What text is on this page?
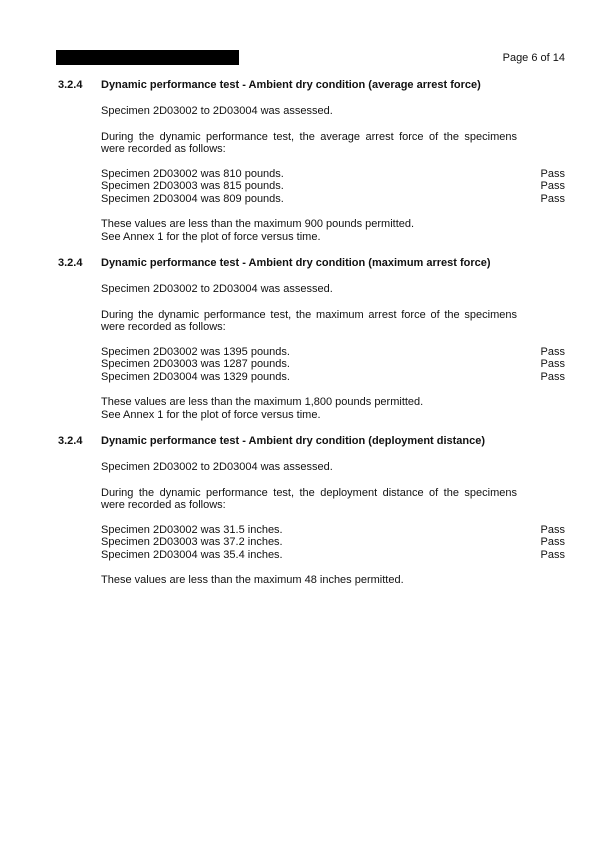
Page 6 of 14
3.2.4 Dynamic performance test - Ambient dry condition (average arrest force)
Specimen 2D03002 to 2D03004 was assessed.
During the dynamic performance test, the average arrest force of the specimens were recorded as follows:
Specimen 2D03002 was 810 pounds.	Pass
Specimen 2D03003 was 815 pounds.	Pass
Specimen 2D03004 was 809 pounds.	Pass
These values are less than the maximum 900 pounds permitted.
See Annex 1 for the plot of force versus time.
3.2.4 Dynamic performance test - Ambient dry condition (maximum arrest force)
Specimen 2D03002 to 2D03004 was assessed.
During the dynamic performance test, the maximum arrest force of the specimens were recorded as follows:
Specimen 2D03002 was 1395 pounds.	Pass
Specimen 2D03003 was 1287 pounds.	Pass
Specimen 2D03004 was 1329 pounds.	Pass
These values are less than the maximum 1,800 pounds permitted.
See Annex 1 for the plot of force versus time.
3.2.4 Dynamic performance test - Ambient dry condition (deployment distance)
Specimen 2D03002 to 2D03004 was assessed.
During the dynamic performance test, the deployment distance of the specimens were recorded as follows:
Specimen 2D03002 was 31.5 inches.	Pass
Specimen 2D03003 was 37.2 inches.	Pass
Specimen 2D03004 was 35.4 inches.	Pass
These values are less than the maximum 48 inches permitted.
